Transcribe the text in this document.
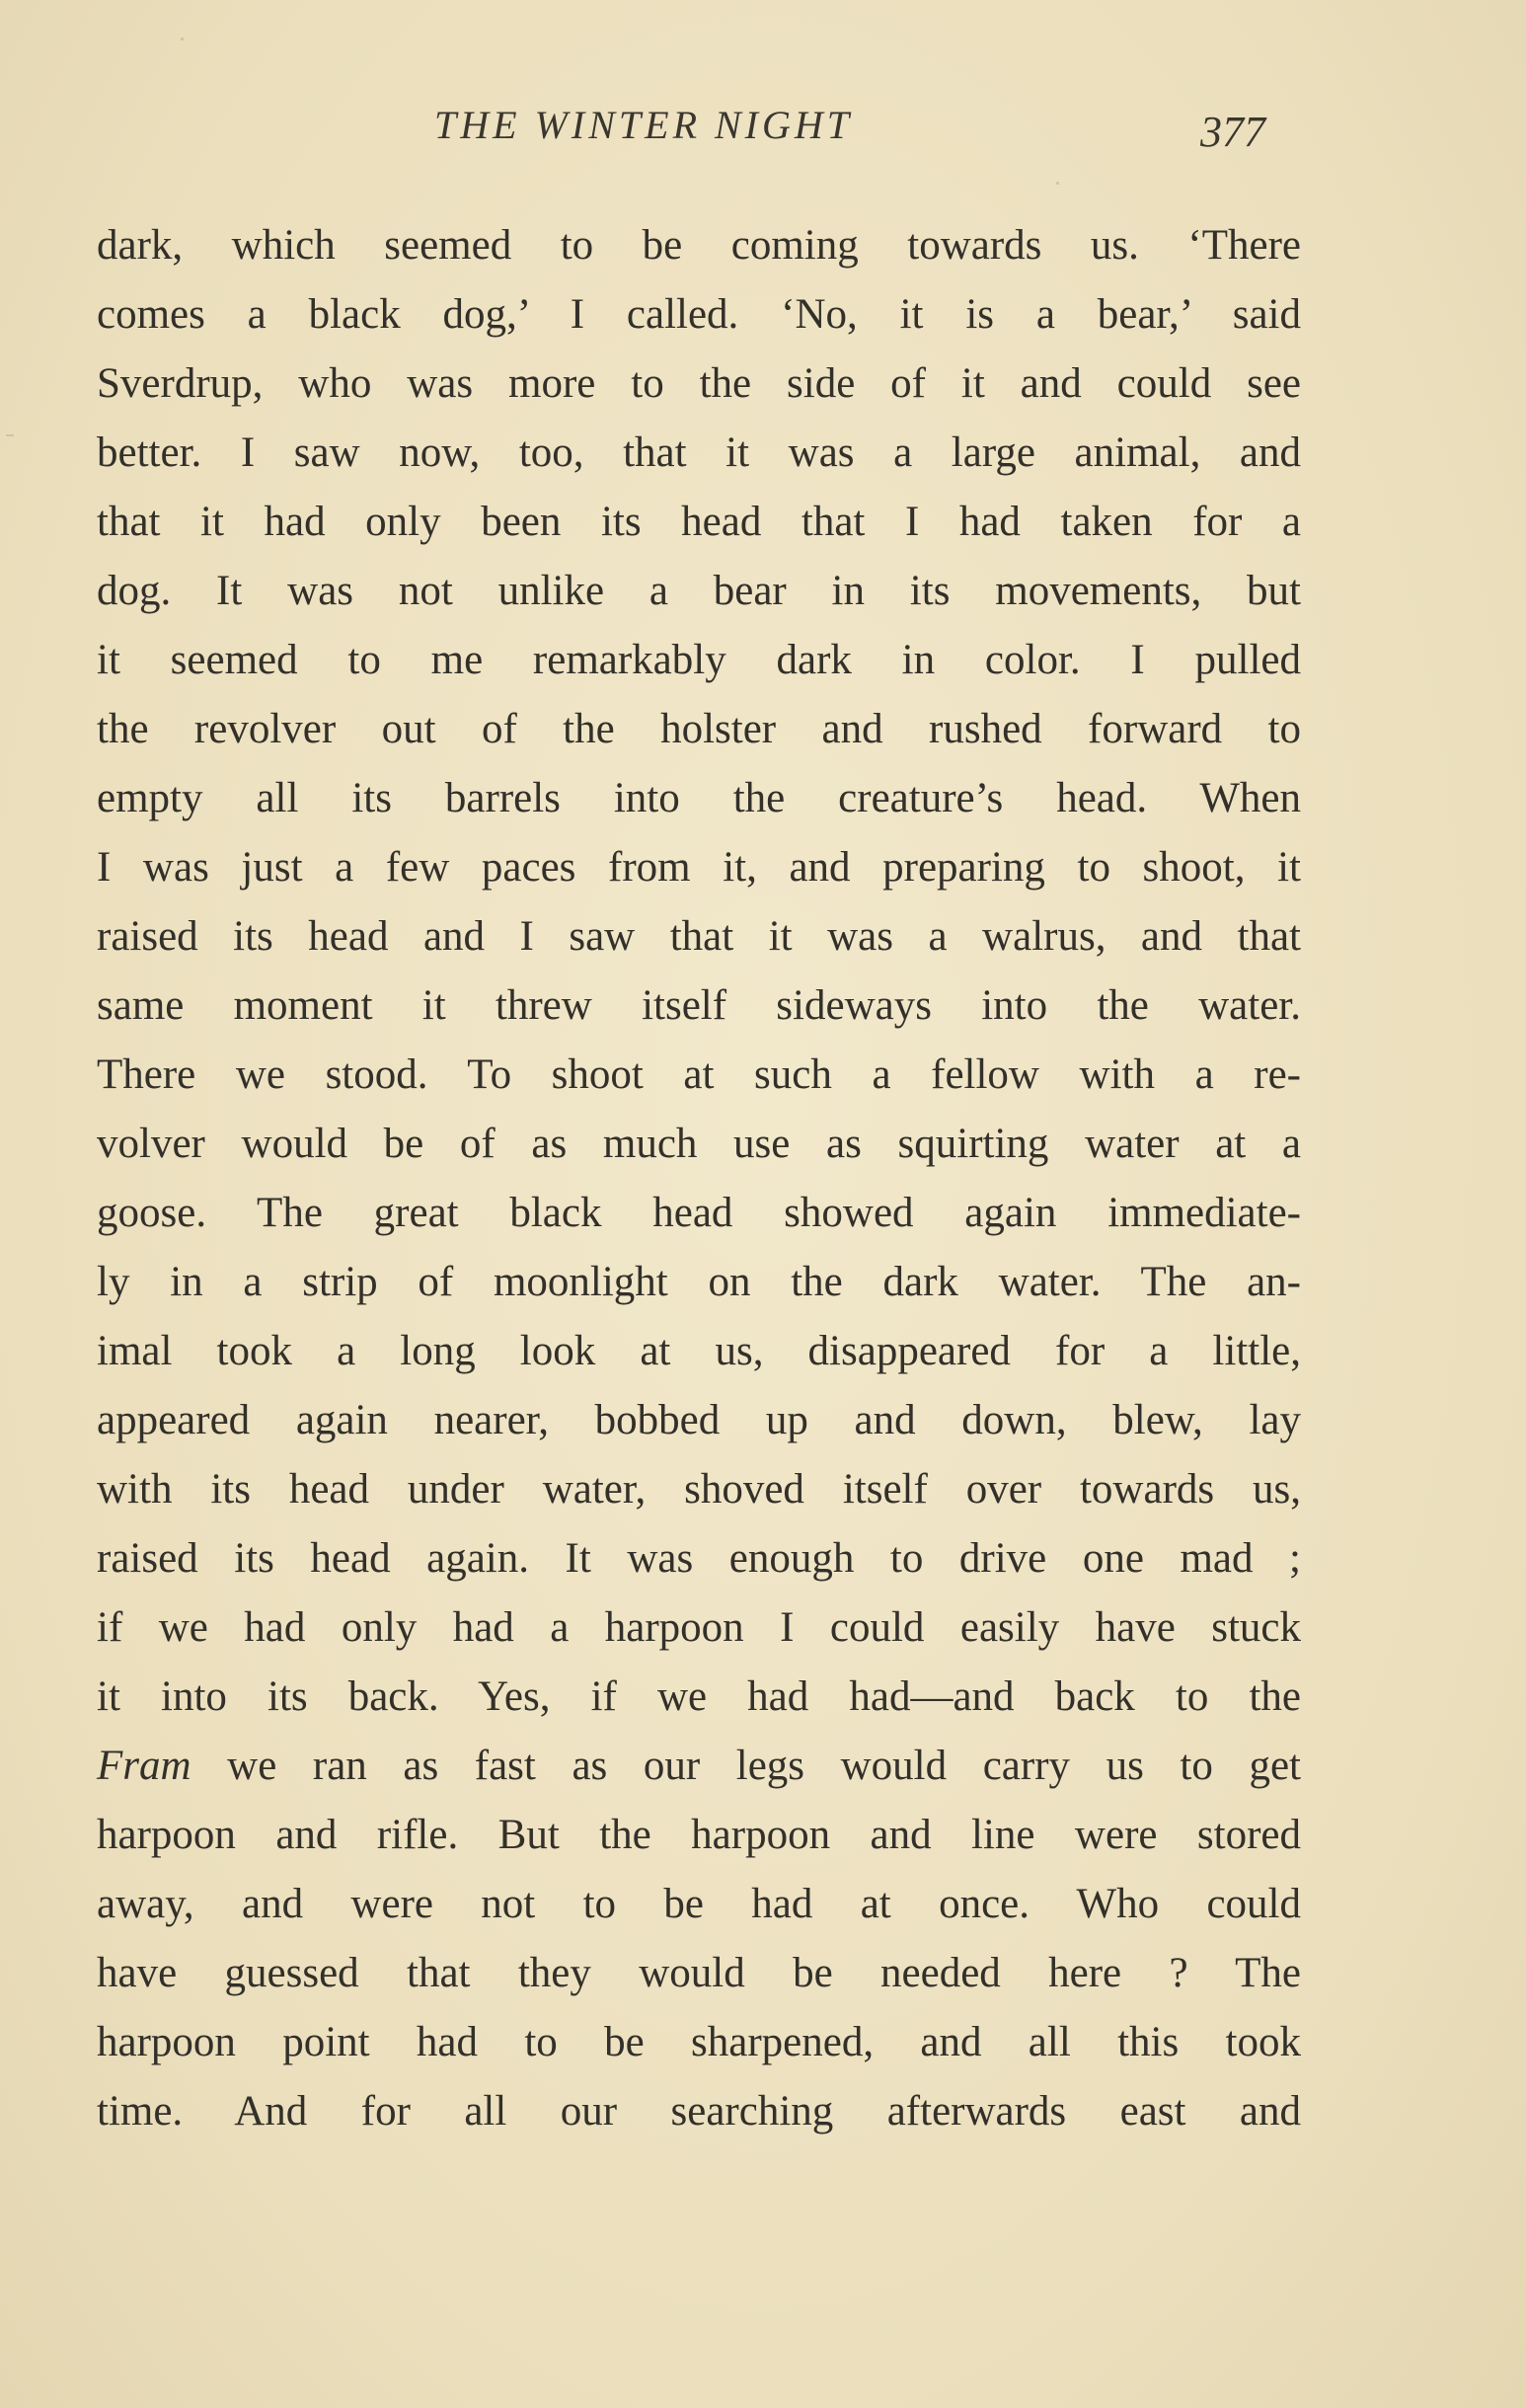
THE WINTER NIGHT	377
dark, which seemed to be coming towards us. ‘There
comes a black dog,’ I called. ‘No, it is a bear,’ said
Sverdrup, who was more to the side of it and could see
better. I saw now, too, that it was a large animal, and
that it had only been its head that I had taken for a
dog. It was not unlike a bear in its movements, but
it seemed to me remarkably dark in color. I pulled
the revolver out of the holster and rushed forward to
empty all its barrels into the creature’s head. When
I was just a few paces from it, and preparing to shoot, it
raised its head and I saw that it was a walrus, and that
same moment it threw itself sideways into the water.
There we stood. To shoot at such a fellow with a re-
volver would be of as much use as squirting water at a
goose. The great black head showed again immediate-
ly in a strip of moonlight on the dark water. The an-
imal took a long look at us, disappeared for a little,
appeared again nearer, bobbed up and down, blew, lay
with its head under water, shoved itself over towards us,
raised its head again. It was enough to drive one mad ;
if we had only had a harpoon I could easily have stuck
it into its back. Yes, if we had had—and back to the
Fram we ran as fast as our legs would carry us to get
harpoon and rifle. But the harpoon and line were stored
away, and were not to be had at once. Who could
have guessed that they would be needed here ? The
harpoon point had to be sharpened, and all this took
time. And for all our searching afterwards east and
